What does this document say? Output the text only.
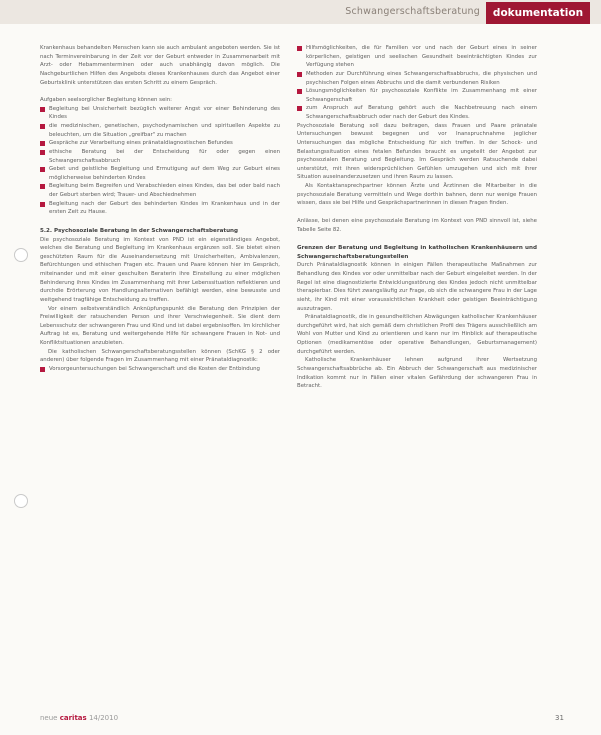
Schwangerschaftsberatung	dokumentation

Krankenhaus behandelten Menschen kann sie auch ambulant angeboten werden. Sie ist nach Terminvereinbarung in der Zeit vor der Geburt entweder in Zusammenarbeit mit Arzt- oder Hebammenterminen oder auch unabhängig davon möglich. Die Nachgeburtlichen Hilfen des Angebots dieses Krankenhauses durch das Angebot einer Geburtsklinik unterstützen das ersten Schritt zu einem Gespräch.

Aufgaben seelsorglicher Begleitung können sein:

Begleitung bei Unsicherheit bezüglich weiterer Angst vor einer Behinderung des Kindes
die medizinischen, genetischen, psychodynamischen und spirituellen Aspekte zu beleuchten, um die Situation „greifbar" zu machen
Gespräche zur Verarbeitung eines pränataldiagnostischen Befundes
ethische Beratung bei der Entscheidung für oder gegen einen Schwangerschaftsabbruch
Gebet und geistliche Begleitung und Ermutigung auf dem Weg zur Geburt eines möglicherweise behinderten Kindes
Begleitung beim Begreifen und Verabschieden eines Kindes, das bei oder bald nach der Geburt sterben wird; Trauer- und Abschiednehmen
Begleitung nach der Geburt des behinderten Kindes im Krankenhaus und in der ersten Zeit zu Hause.
5.2. Psychosoziale Beratung in der Schwangerschaftsberatung

Die psychosoziale Beratung im Kontext von PND ist ein eigenständiges Angebot, welches die Beratung und Begleitung im Krankenhaus ergänzen soll. Sie bietet einen geschützten Raum für die Auseinandersetzung mit Unsicherheiten, Ambivalenzen, Befürchtungen und ethischen Fragen etc. Frauen und Paare können hier im Gespräch, miteinander und mit einer geschulten Beraterin ihre Einstellung zu einer möglichen Behinderung ihres Kindes im Zusammenhang mit ihrer Lebenssituation reflektieren und durchdie Erörterung von Handlungsalternativen befähigt werden, eine bewusste und weitgehend tragfähige Entscheidung zu treffen.

Vor einem selbstverständlich Anknüpfungspunkt die Beratung den Prinzipien der Freiwilligkeit der ratsuchenden Person und ihrer Verschwiegenheit. Sie dient dem Lebensschutz der schwangeren Frau und Kind und ist dabei ergebnisoffen. Im kirchlicher Auftrag ist es, Beratung und weitergehende Hilfe für schwangere Frauen in Not- und Konfliktsituationen anzubieten.

Die katholischen Schwangerschaftsberatungsstellen können (SchKG § 2 oder anderen) über folgende Fragen im Zusammenhang mit einer Pränataldiagnostik:

Vorsorgeuntersuchungen bei Schwangerschaft und die Kosten der Entbindung
Hilfsmöglichkeiten, die für Familien vor und nach der Geburt eines in seiner körperlichen, geistigen und seelischen Gesundheit beeinträchtigten Kindes zur Verfügung stehen
Methoden zur Durchführung eines Schwangerschaftsabbruchs, die physischen und psychischen Folgen eines Abbruchs und die damit verbundenen Risiken
Lösungsmöglichkeiten für psychosoziale Konflikte im Zusammenhang mit einer Schwangerschaft
zum Anspruch auf Beratung gehört auch die Nachbetreuung nach einem Schwangerschaftsabbruch oder nach der Geburt des Kindes.

Psychosoziale Beratung soll dazu beitragen, dass Frauen und Paare pränatale Untersuchungen bewusst begegnen und vor Inanspruchnahme jeglicher Untersuchungen das mögliche Entscheidung für sich treffen. In der Schock- und Belastungssituation eines fetalen Befundes braucht es ungeteilt der Angebot zur psychosozialen Beratung und Begleitung. Im Gespräch werden Ratsuchende dabei unterstützt, mit ihren widersprüchlichen Gefühlen umzugehen und sich mit ihrer Situation auseinanderzusetzen und ihren Raum zu lassen.

Als Kontaktansprechpartner können Ärzte und Ärztinnen die Mitarbeiter in die psychosoziale Beratung vermitteln und Wege dorthin bahnen, denn nur wenige Frauen wissen, dass sie bei Hilfe und Gesprächspartnerinnen in diesen Fragen finden.

Anlässe, bei denen eine psychosoziale Beratung im Kontext von PND sinnvoll ist, siehe Tabelle Seite 82.

Grenzen der Beratung und Begleitung in katholischen Krankenhäusern und Schwangerschaftsberatungsstellen

Durch Pränataldiagnostik können in einigen Fällen therapeutische Maßnahmen zur Behandlung des Kindes vor oder unmittelbar nach der Geburt eingeleitet werden. In der Regel ist eine diagnostizierte Entwicklungsstörung des Kindes jedoch nicht unmittelbar therapierbar. Dies führt zwangsläufig zur Frage, ob sich die schwangere Frau in der Lage sieht, ihr Kind mit einer voraussichtlichen Krankheit oder geistigen Beeinträchtigung auszutragen.

Pränataldiagnostik, die in gesundheitlichen Abwägungen katholischer Krankenhäuser durchgeführt wird, hat sich gemäß dem christlichen Profil des Trägers ausschließlich am Wohl von Mutter und Kind zu orientieren und kann nur im Hinblick auf therapeutische Optionen (medikamentöse oder operative Behandlungen, Geburtsmanagement) durchgeführt werden.

Katholische Krankenhäuser lehnen aufgrund ihrer Wertsetzung Schwangerschaftsabbrüche ab. Ein Abbruch der Schwangerschaft aus medizinischer Indikation kommt nur in Fällen einer vitalen Gefährdung der schwangeren Frau in Betracht.

neue caritas 14/2010	31
